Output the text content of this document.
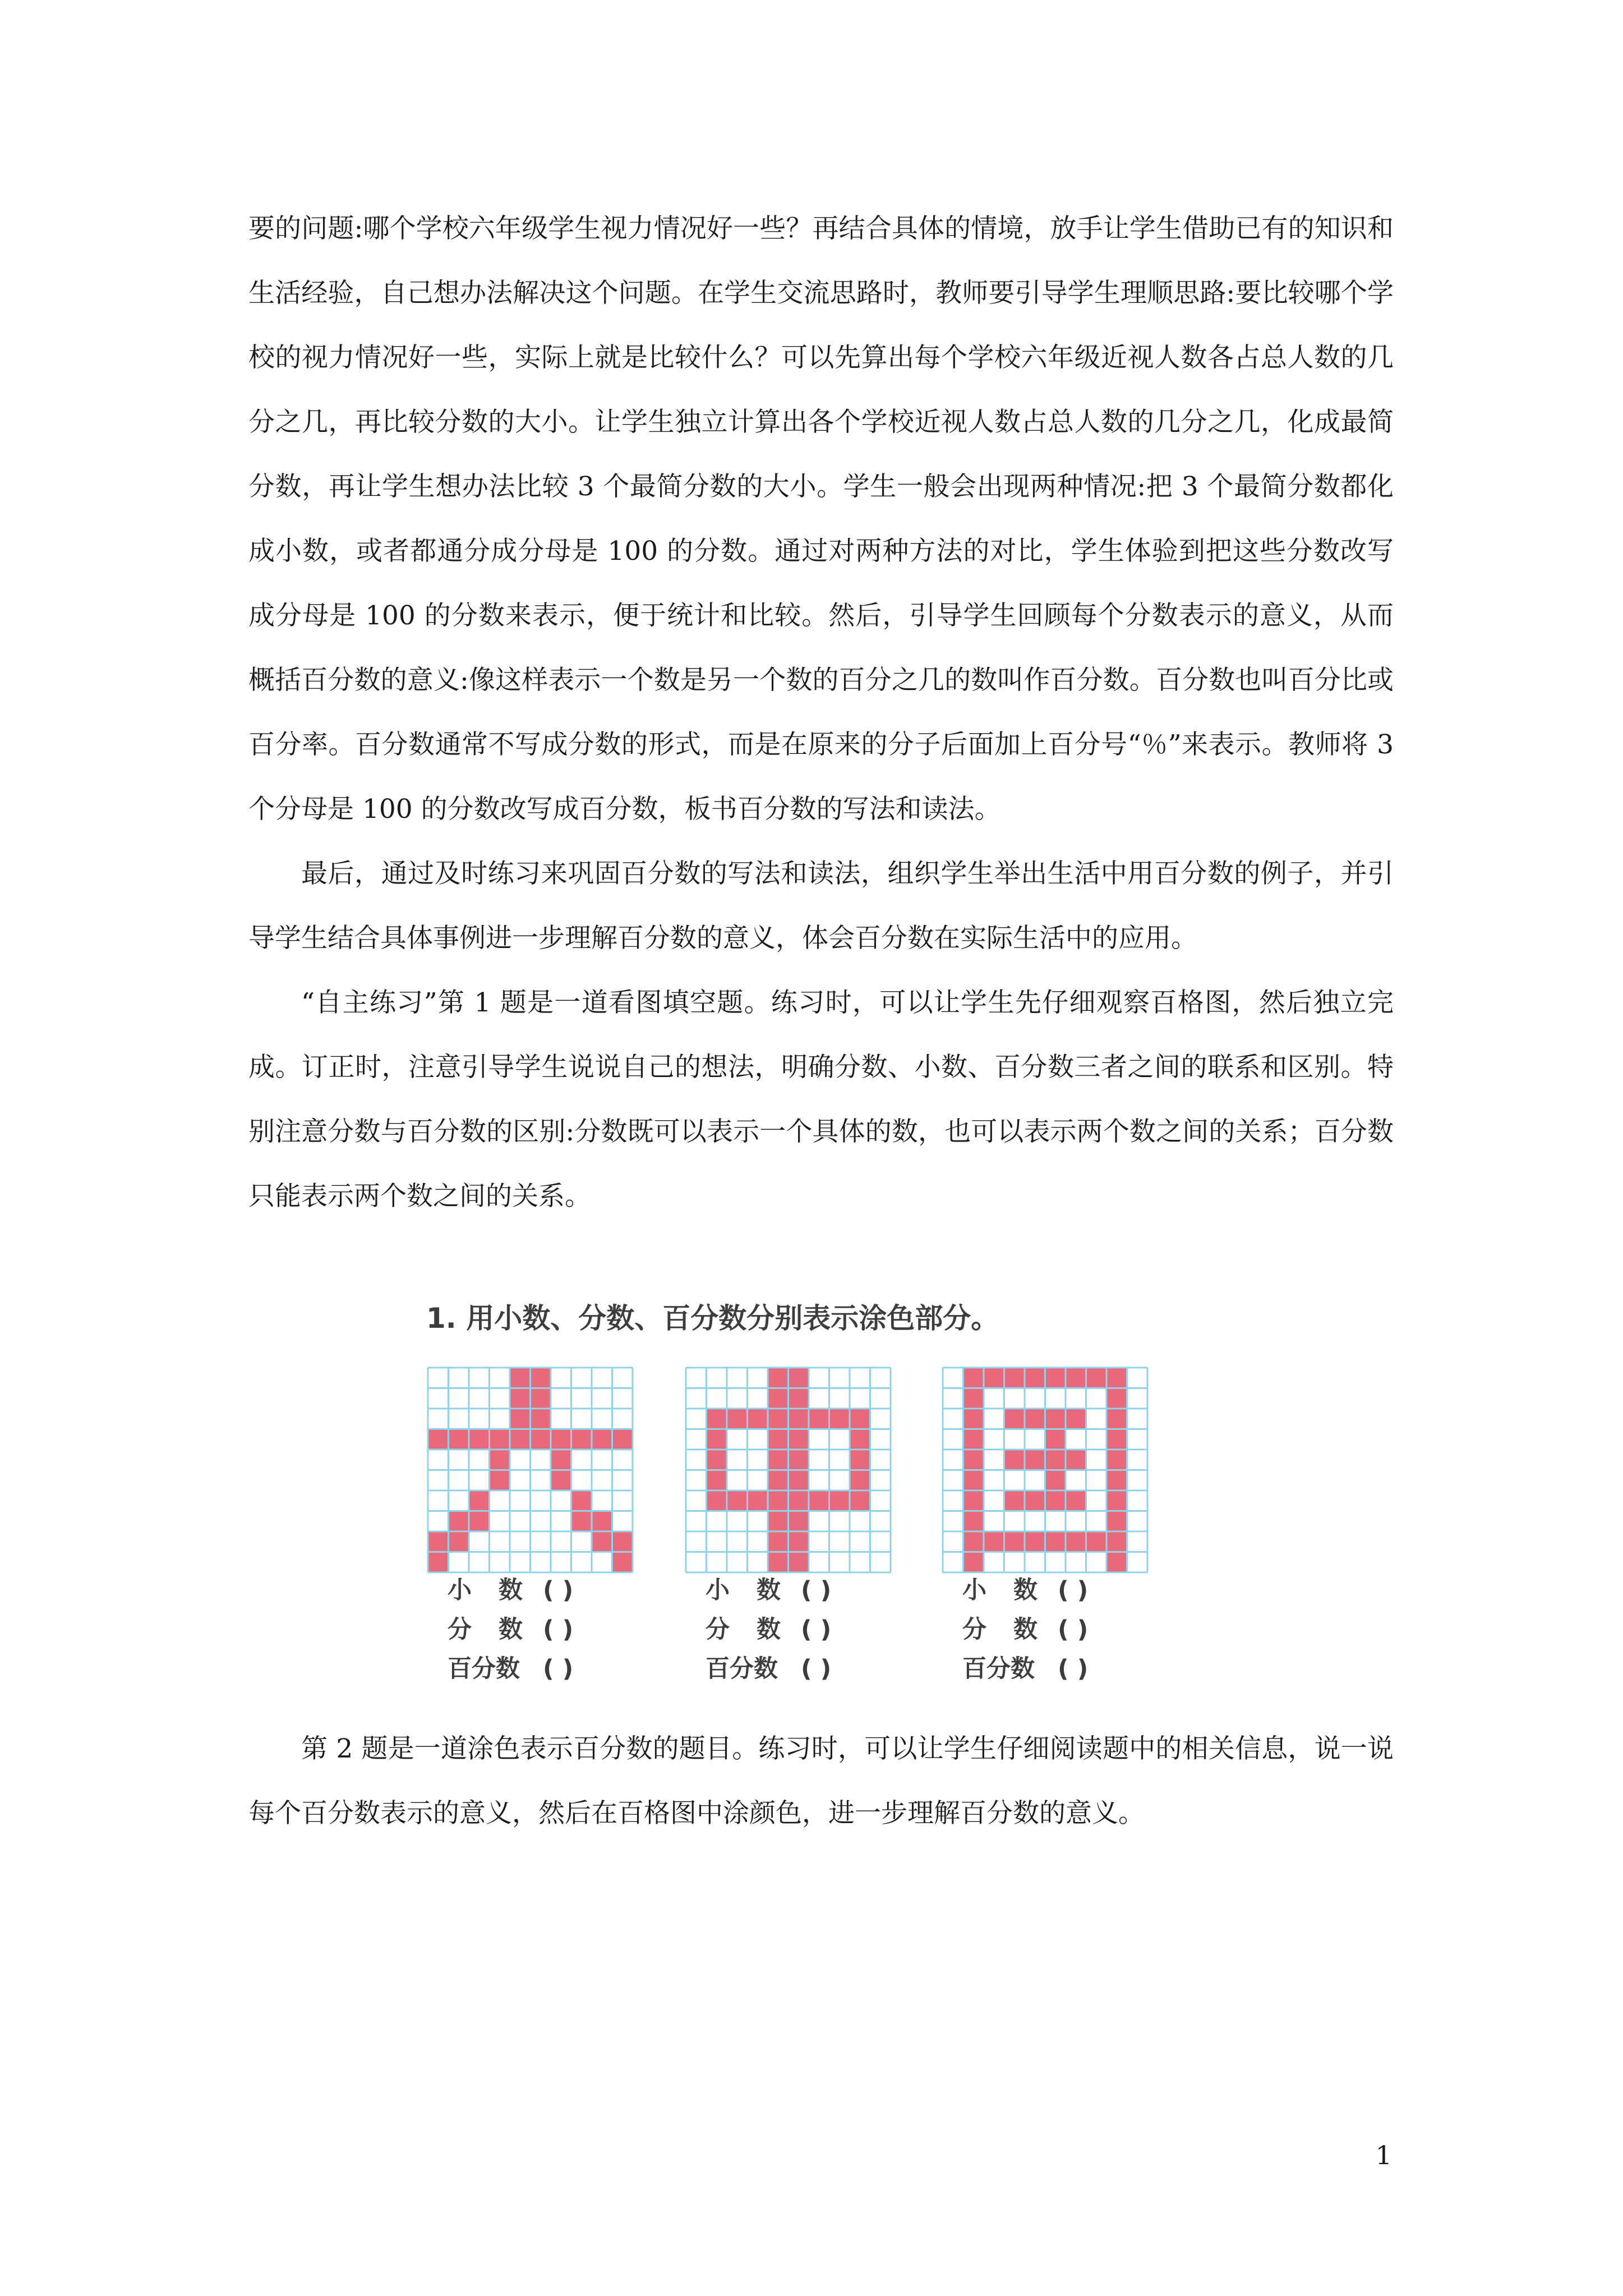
要的问题:哪个学校六年级学生视力情况好一些？再结合具体的情境，放手让学生借助已有的知识和生活经验，自己想办法解决这个问题。在学生交流思路时，教师要引导学生理顺思路:要比较哪个学校的视力情况好一些，实际上就是比较什么？可以先算出每个学校六年级近视人数各占总人数的几分之几，再比较分数的大小。让学生独立计算出各个学校近视人数占总人数的几分之几，化成最简分数，再让学生想办法比较 3 个最简分数的大小。学生一般会出现两种情况:把 3 个最简分数都化成小数，或者都通分成分母是 100 的分数。通过对两种方法的对比，学生体验到把这些分数改写成分母是 100 的分数来表示，便于统计和比较。然后，引导学生回顾每个分数表示的意义，从而概括百分数的意义:像这样表示一个数是另一个数的百分之几的数叫作百分数。百分数也叫百分比或百分率。百分数通常不写成分数的形式，而是在原来的分子后面加上百分号“％”来表示。教师将 3 个分母是 100 的分数改写成百分数，板书百分数的写法和读法。

最后，通过及时练习来巩固百分数的写法和读法，组织学生举出生活中用百分数的例子，并引导学生结合具体事例进一步理解百分数的意义，体会百分数在实际生活中的应用。

“自主练习”第 1 题是一道看图填空题。练习时，可以让学生先仔细观察百格图，然后独立完成。订正时，注意引导学生说说自己的想法，明确分数、小数、百分数三者之间的联系和区别。特别注意分数与百分数的区别:分数既可以表示一个具体的数，也可以表示两个数之间的关系；百分数只能表示两个数之间的关系。

1. 用小数、分数、百分数分别表示涂色部分。
小数
( )
分数
( )
百分数 ( )
小数
( )
分数
( )
百分数 ( )
小数
( )
分数
( )
百分数 ( )

第 2 题是一道涂色表示百分数的题目。练习时，可以让学生仔细阅读题中的相关信息，说一说每个百分数表示的意义，然后在百格图中涂颜色，进一步理解百分数的意义。

1
